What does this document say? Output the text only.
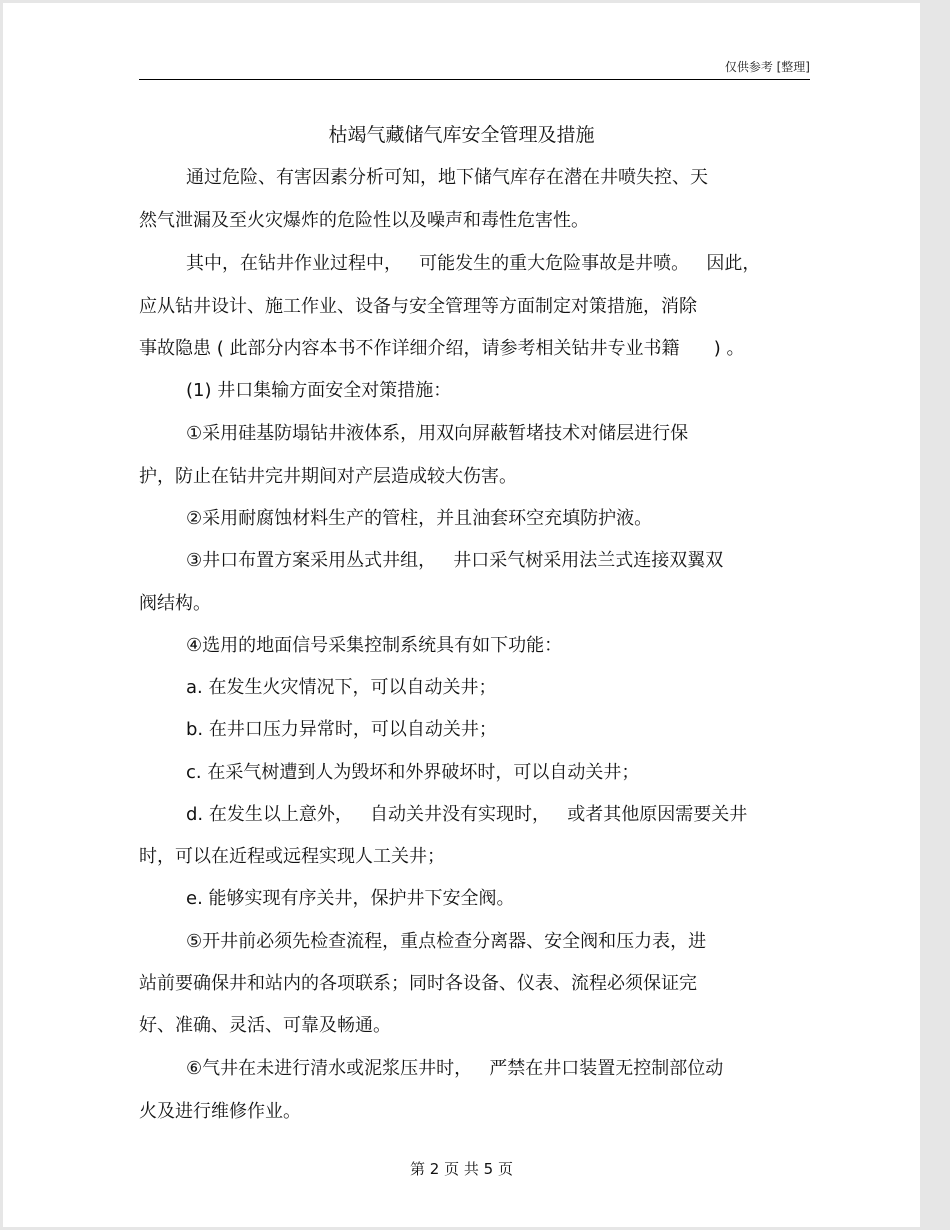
仅供参考 [整理]
枯竭气藏储气库安全管理及措施
通过危险、有害因素分析可知，地下储气库存在潜在井喷失控、天
然气泄漏及至火灾爆炸的危险性以及噪声和毒性危害性。
其中，在钻井作业过程中，   可能发生的重大危险事故是井喷。   因此，
应从钻井设计、施工作业、设备与安全管理等方面制定对策措施，消除
事故隐患 ( 此部分内容本书不作详细介绍，请参考相关钻井专业书籍      ) 。
(1) 井口集输方面安全对策措施：
①采用硅基防塌钻井液体系，用双向屏蔽暂堵技术对储层进行保
护，防止在钻井完井期间对产层造成较大伤害。
②采用耐腐蚀材料生产的管柱，并且油套环空充填防护液。
③井口布置方案采用丛式井组，   井口采气树采用法兰式连接双翼双
阀结构。
④选用的地面信号采集控制系统具有如下功能：
a. 在发生火灾情况下，可以自动关井；
b. 在井口压力异常时，可以自动关井；
c. 在采气树遭到人为毁坏和外界破坏时，可以自动关井；
d. 在发生以上意外，   自动关井没有实现时，   或者其他原因需要关井
时，可以在近程或远程实现人工关井；
e. 能够实现有序关井，保护井下安全阀。
⑤开井前必须先检查流程，重点检查分离器、安全阀和压力表，进
站前要确保井和站内的各项联系；同时各设备、仪表、流程必须保证完
好、准确、灵活、可靠及畅通。
⑥气井在未进行清水或泥浆压井时，   严禁在井口装置无控制部位动
火及进行维修作业。
第 2 页 共 5 页
